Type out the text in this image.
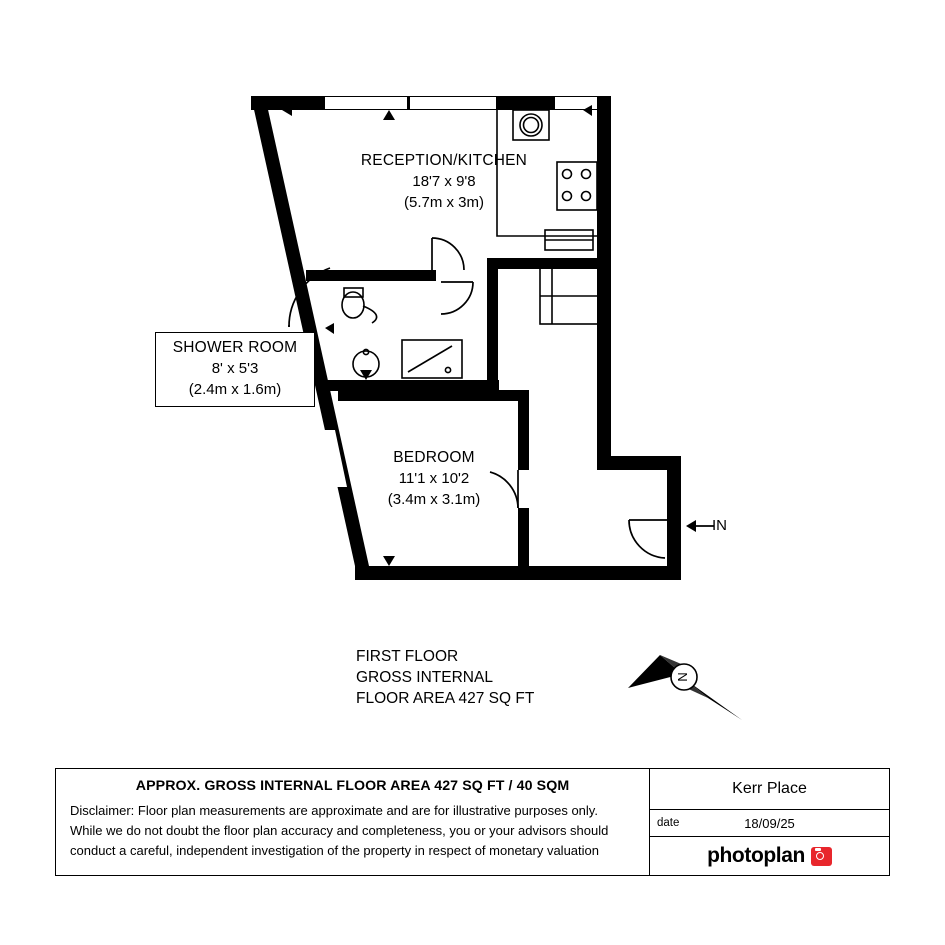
RECEPTION/KITCHEN
18'7 x 9'8
(5.7m x 3m)
SHOWER ROOM
8' x 5'3
(2.4m x 1.6m)
BEDROOM
11'1 x 10'2
(3.4m x 3.1m)
IN
FIRST FLOOR
GROSS INTERNAL
FLOOR AREA 427 SQ FT
N
APPROX. GROSS INTERNAL FLOOR AREA 427 SQ FT / 40 SQM
Disclaimer: Floor plan measurements are approximate and are for illustrative purposes only.
While we do not doubt the floor plan accuracy and completeness, you or your advisors should
conduct a careful, independent investigation of the property in respect of monetary valuation
Kerr Place
date	18/09/25
photoplan
